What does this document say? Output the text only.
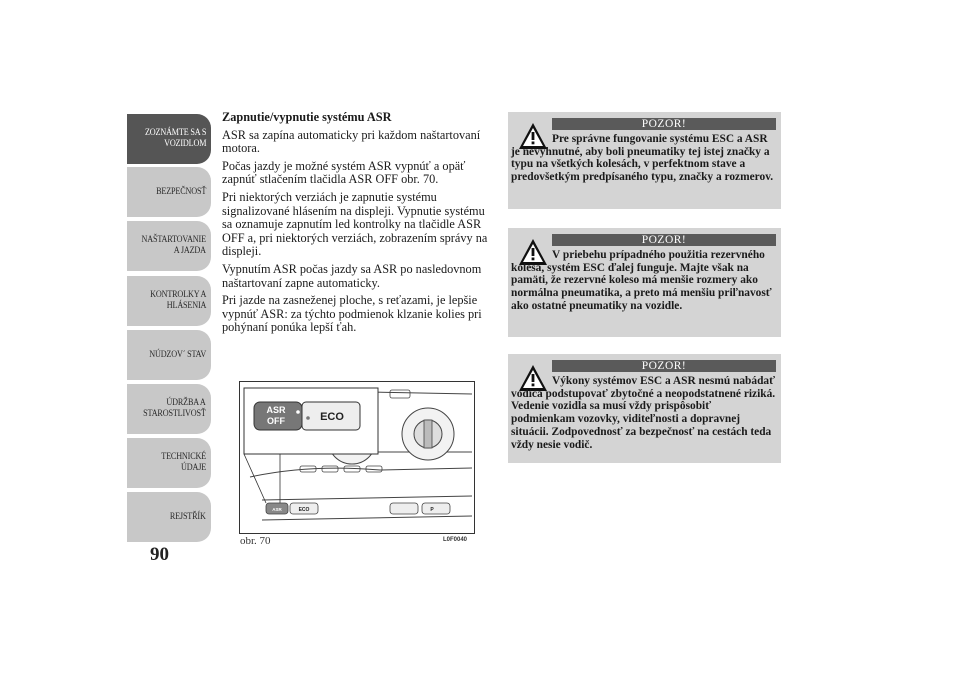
ZOZNÁMTE SA S
VOZIDLOM
BEZPEČNOSŤ
NAŠTARTOVANIE
A JAZDA
KONTROLKY A
HLÁSENIA
NÚDZOV´ STAV
ÚDRŽBA A
STAROSTLIVOSŤ
TECHNICKÉ
ÚDAJE
REJSTŘÍK
90
Zapnutie/vypnutie systému ASR

ASR sa zapína automaticky pri každom naštartovaní motora.

Počas jazdy je možné systém ASR vypnúť a opäť zapnúť stlačením tlačidla ASR OFF obr. 70.

Pri niektorých verziách je zapnutie systému signalizované hlásením na displeji. Vypnutie systému sa oznamuje zapnutím led kontrolky na tlačidle ASR OFF a, pri niektorých verziách, zobrazením správy na displeji.

Vypnutím ASR počas jazdy sa ASR po nasledovnom naštartovaní zapne automaticky.

Pri jazde na zasneženej ploche, s reťazami, je lepšie vypnúť ASR: za týchto podmienok klzanie kolies pri pohýnaní ponúka lepší ťah.

ASR
OFF	ECO
ASR	ECO	P
obr. 70	L0F0040
POZOR!
Pre správne fungovanie systému ESC a ASR je nevyhnutné, aby boli pneumatiky tej istej značky a typu na všetkých kolesách, v perfektnom stave a predovšetkým predpísaného typu, značky a rozmerov.
POZOR!
V priebehu prípadného použitia rezervného kolesa, systém ESC ďalej funguje. Majte však na pamäti, že rezervné koleso má menšie rozmery ako normálna pneumatika, a preto má menšiu priľnavosť ako ostatné pneumatiky na vozidle.
POZOR!
Výkony systémov ESC a ASR nesmú nabádať vodiča podstupovať zbytočné a neopodstatnené riziká. Vedenie vozidla sa musí vždy prispôsobiť podmienkam vozovky, viditeľnosti a dopravnej situácii. Zodpovednosť za bezpečnosť na cestách teda vždy nesie vodič.
